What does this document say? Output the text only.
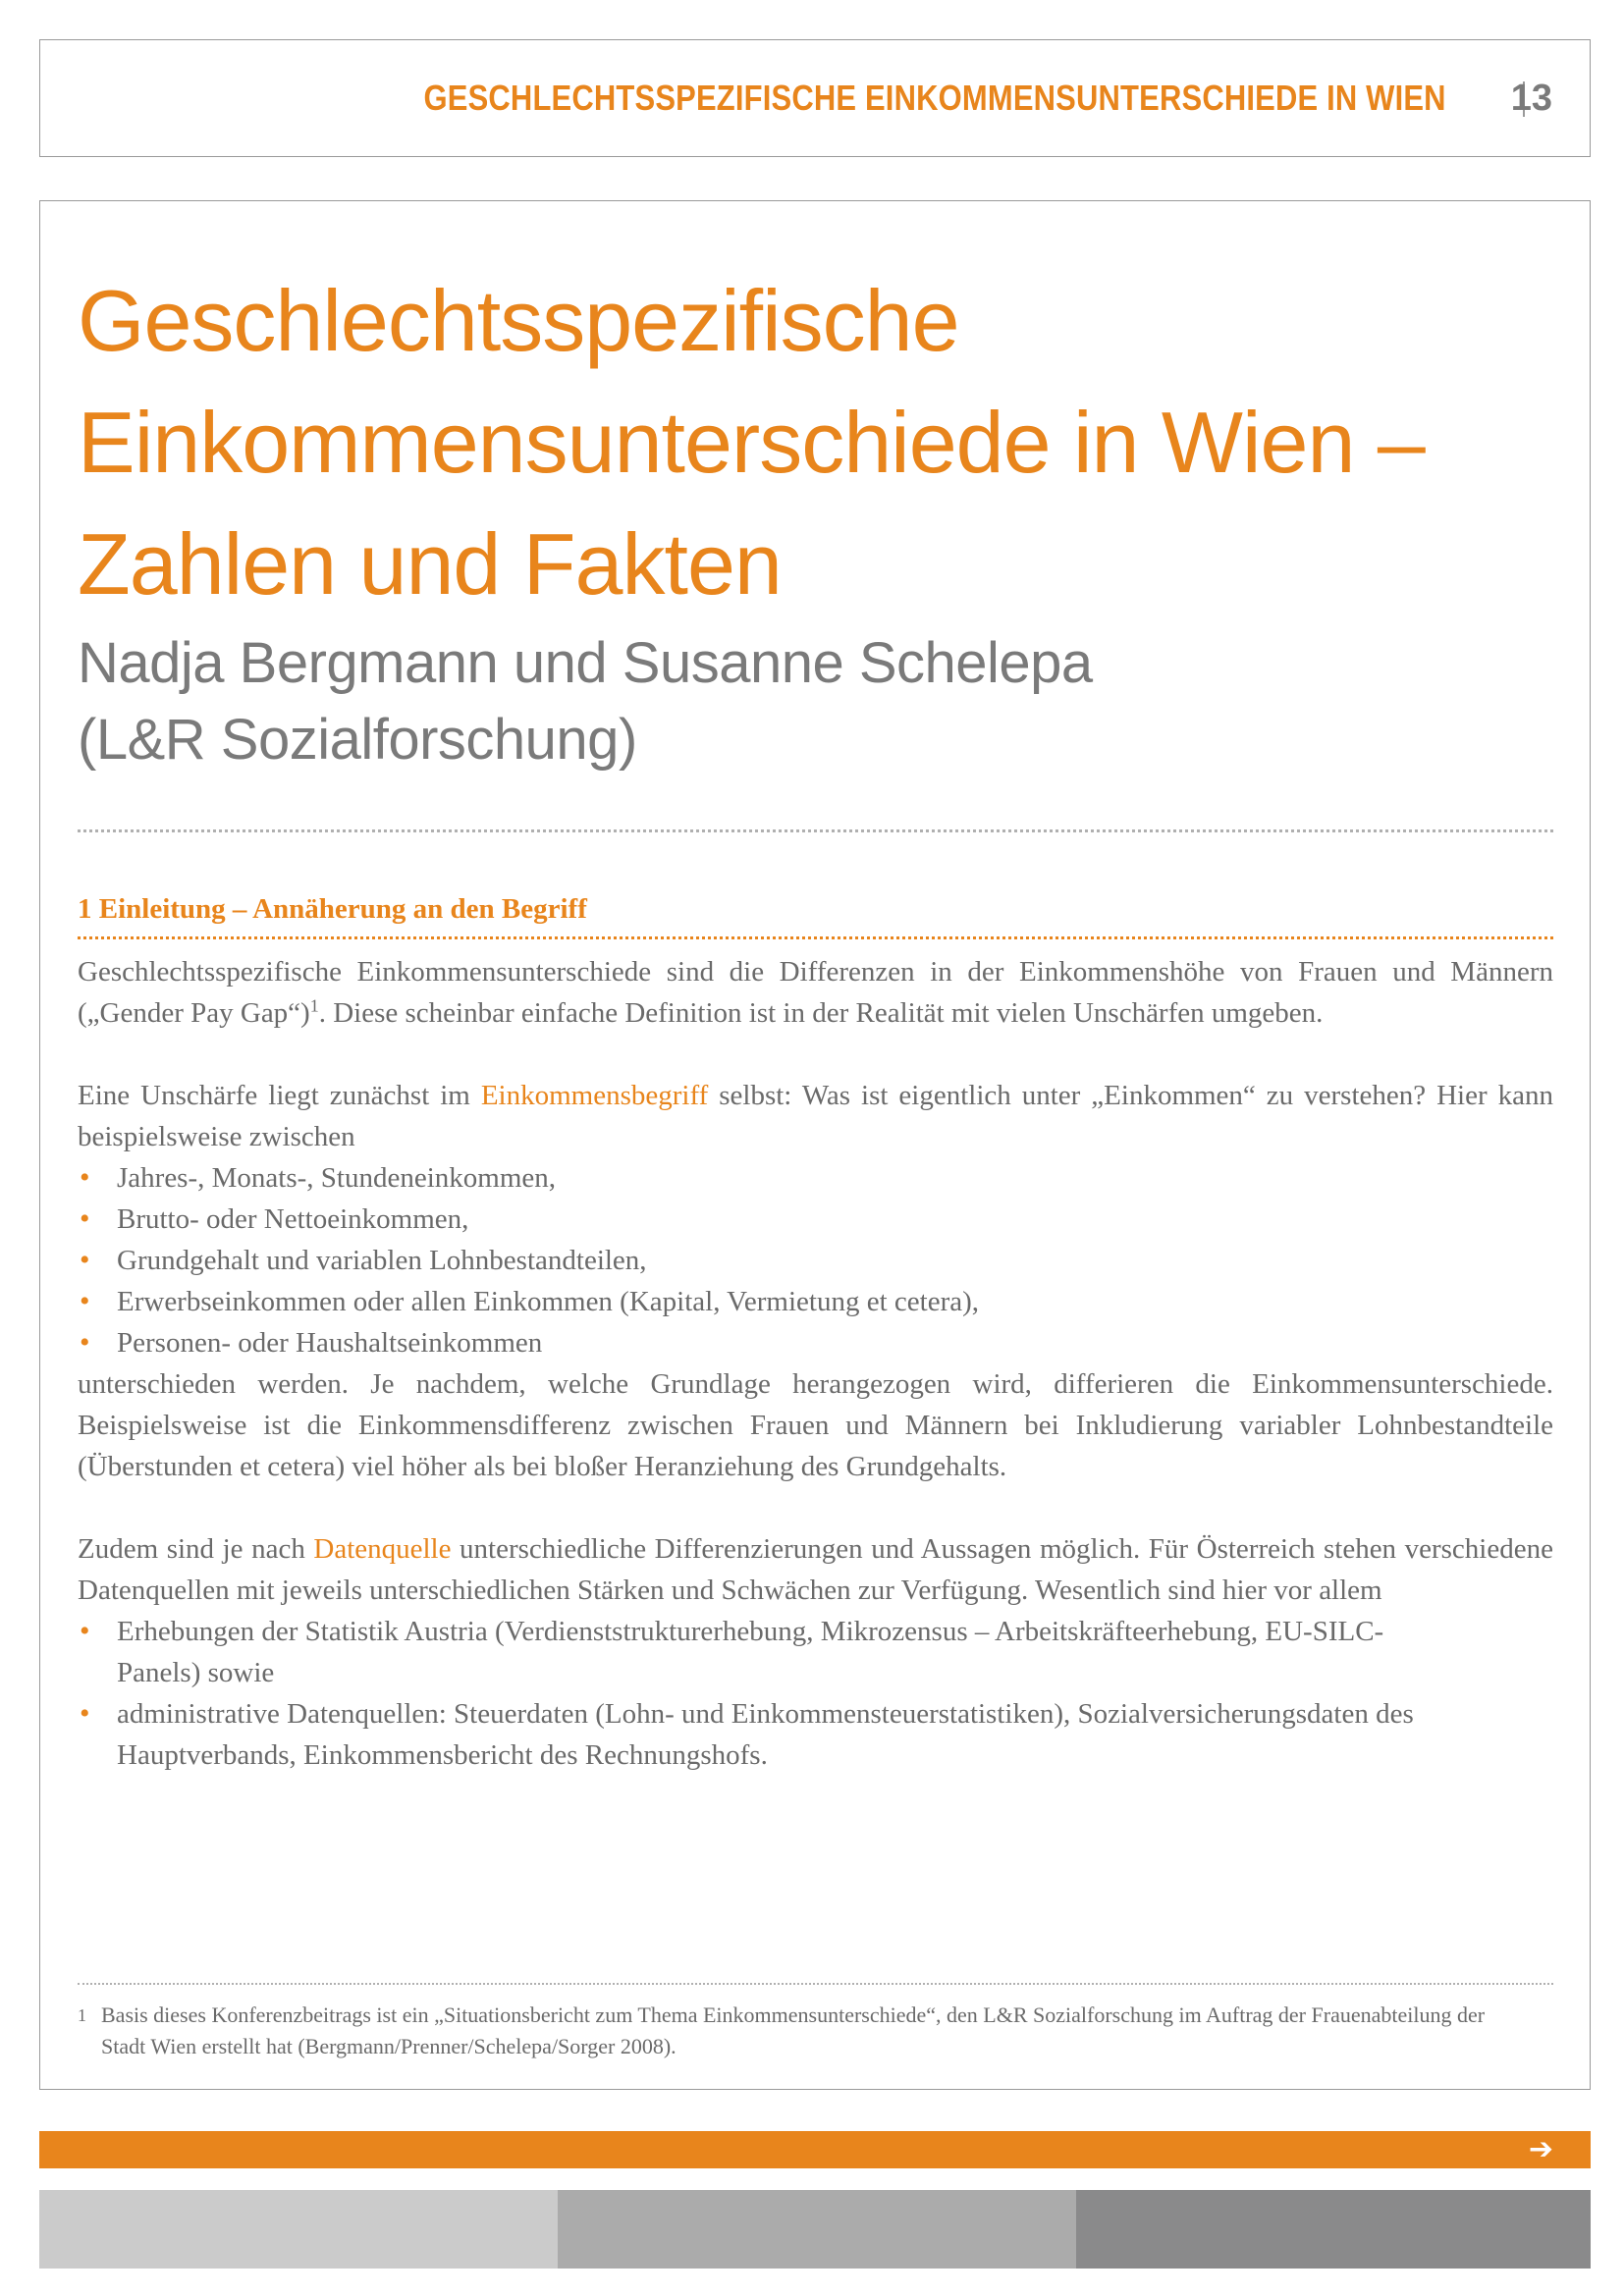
GESCHLECHTSSPEZIFISCHE EINKOMMENSUNTERSCHIEDE IN WIEN 13
Geschlechtsspezifische
Einkommensunterschiede in Wien –
Zahlen und Fakten
Nadja Bergmann und Susanne Schelepa
(L&R Sozialforschung)
1 Einleitung – Annäherung an den Begriff

Geschlechtsspezifische Einkommensunterschiede sind die Differenzen in der Einkommenshöhe von Frauen und Männern („Gender Pay Gap“)$^1$. Diese scheinbar einfache Definition ist in der Realität mit vielen Unschärfen umgeben.

Eine Unschärfe liegt zunächst im Einkommensbegriff selbst: Was ist eigentlich unter „Einkommen“ zu verstehen? Hier kann beispielsweise zwischen

• Jahres-, Monats-, Stundeneinkommen,
• Brutto- oder Nettoeinkommen,
• Grundgehalt und variablen Lohnbestandteilen,
• Erwerbseinkommen oder allen Einkommen (Kapital, Vermietung et cetera),
• Personen- oder Haushaltseinkommen

unterschieden werden. Je nachdem, welche Grundlage herangezogen wird, differieren die Einkommensunterschiede. Beispielsweise ist die Einkommensdifferenz zwischen Frauen und Männern bei Inkludierung variabler Lohnbestandteile (Überstunden et cetera) viel höher als bei bloßer Heranziehung des Grundgehalts.

Zudem sind je nach Datenquelle unterschiedliche Differenzierungen und Aussagen möglich. Für Österreich stehen verschiedene Datenquellen mit jeweils unterschiedlichen Stärken und Schwächen zur Verfügung. Wesentlich sind hier vor allem

• Erhebungen der Statistik Austria (Verdienststrukturerhebung, Mikrozensus – Arbeitskräfteerhebung, EU-SILC-Panels) sowie
• administrative Datenquellen: Steuerdaten (Lohn- und Einkommensteuerstatistiken), Sozialversicherungsdaten des Hauptverbands, Einkommensbericht des Rechnungshofs.
1 Basis dieses Konferenzbeitrags ist ein „Situationsbericht zum Thema Einkommensunterschiede“, den L&R Sozialforschung im Auftrag der Frauenabteilung der Stadt Wien erstellt hat (Bergmann/Prenner/Schelepa/Sorger 2008).
➔
